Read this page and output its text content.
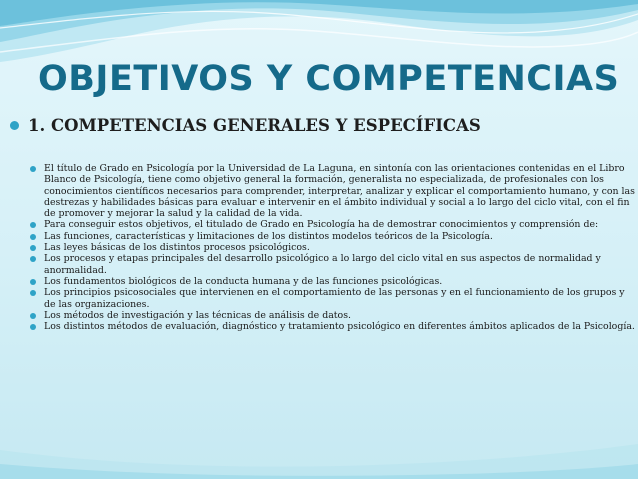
OBJETIVOS Y COMPETENCIAS
1. COMPETENCIAS GENERALES Y ESPECÍFICAS
El título de Grado en Psicología por la Universidad de La Laguna, en sintonía con las orientaciones contenidas en el Libro Blanco de Psicología, tiene como objetivo general la formación, generalista no especializada, de profesionales con los conocimientos científicos necesarios para comprender, interpretar, analizar y explicar el comportamiento humano, y con las destrezas y habilidades básicas para evaluar e intervenir en el ámbito individual y social a lo largo del ciclo vital, con el fin de promover y mejorar la salud y la calidad de la vida.
Para conseguir estos objetivos, el titulado de Grado en Psicología ha de demostrar conocimientos y comprensión de:
Las funciones, características y limitaciones de los distintos modelos teóricos de la Psicología.
Las leyes básicas de los distintos procesos psicológicos.
Los procesos y etapas principales del desarrollo psicológico a lo largo del ciclo vital en sus aspectos de normalidad y anormalidad.
Los fundamentos biológicos de la conducta humana y de las funciones psicológicas.
Los principios psicosociales que intervienen en el comportamiento de las personas y en el funcionamiento de los grupos y de las organizaciones.
Los métodos de investigación y las técnicas de análisis de datos.
Los distintos métodos de evaluación, diagnóstico y tratamiento psicológico en diferentes ámbitos aplicados de la Psicología.
